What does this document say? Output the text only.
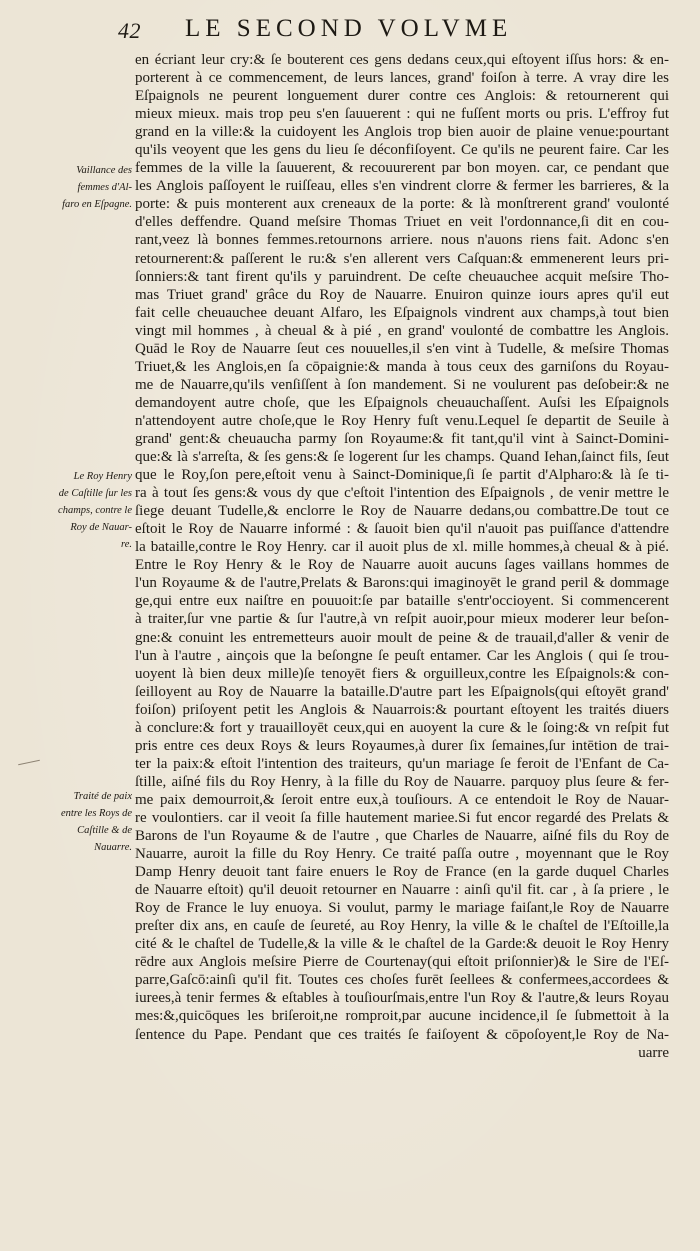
42 LE SECOND VOLVME
Vaillance des
femmes d'Al-
faro en Eſpagne.
Le Roy Henry
de Caſtille ſur les
champs, contre le
Roy de Nauar-
re.
Traité de paix
entre les Roys de
Caſtille & de
Nauarre.
en écriant leur cry:& ſe bouterent ces gens dedans ceux,qui eſtoyent iſſus hors: & en-
porterent à ce commencement, de leurs lances, grand' foiſon à terre. A vray dire les
Eſpaignols ne peurent longuement durer contre ces Anglois: & retournerent qui
mieux mieux. mais trop peu s'en ſauuerent : qui ne fuſſent morts ou pris. L'effroy fut
grand en la ville:& la cuidoyent les Anglois trop bien auoir de plaine venue:pourtant
qu'ils veoyent que les gens du lieu ſe déconfiſoyent. Ce qu'ils ne peurent faire. Car les
femmes de la ville la ſauuerent, & recouurerent par bon moyen. car, ce pendant que
les Anglois paſſoyent le ruiſſeau, elles s'en vindrent clorre & fermer les barrieres, & la
porte: & puis monterent aux creneaux de la porte: & là monſtrerent grand' voulonté
d'elles deffendre. Quand meſsire Thomas Triuet en veit l'ordonnance,ſi dit en cou-
rant,veez là bonnes femmes.retournons arriere. nous n'auons riens fait. Adonc s'en
retournerent:& paſſerent le ru:& s'en allerent vers Caſquan:& emmenerent leurs pri-
ſonniers:& tant firent qu'ils y paruindrent. De ceſte cheuauchee acquit meſsire Tho-
mas Triuet grand' grâce du Roy de Nauarre. Enuiron quinze iours apres qu'il eut
fait celle cheuauchee deuant Alfaro, les Eſpaignols vindrent aux champs,à tout bien
vingt mil hommes , à cheual & à pié , en grand' voulonté de combattre les Anglois.
Quād le Roy de Nauarre ſeut ces nouuelles,il s'en vint à Tudelle, & meſsire Thomas
Triuet,& les Anglois,en ſa cōpaignie:& manda à tous ceux des garniſons du Royau-
me de Nauarre,qu'ils venſiſſent à ſon mandement. Si ne voulurent pas deſobeir:& ne
demandoyent autre choſe, que les Eſpaignols cheuauchaſſent. Auſsi les Eſpaignols
n'attendoyent autre choſe,que le Roy Henry fuſt venu.Lequel ſe departit de Seuile à
grand' gent:& cheuaucha parmy ſon Royaume:& fit tant,qu'il vint à Sainct-Domini-
que:& là s'arreſta, & ſes gens:& ſe logerent ſur les champs. Quand Iehan,ſainct fils, ſeut
que le Roy,ſon pere,eſtoit venu à Sainct-Dominique,ſi ſe partit d'Alpharo:& là ſe ti-
ra à tout ſes gens:& vous dy que c'eſtoit l'intention des Eſpaignols , de venir mettre le
ſiege deuant Tudelle,& enclorre le Roy de Nauarre dedans,ou combattre.De tout ce
eſtoit le Roy de Nauarre informé : & ſauoit bien qu'il n'auoit pas puiſſance d'attendre
la bataille,contre le Roy Henry. car il auoit plus de xl. mille hommes,à cheual & à pié.
Entre le Roy Henry & le Roy de Nauarre auoit aucuns ſages vaillans hommes de
l'un Royaume & de l'autre,Prelats & Barons:qui imaginoyēt le grand peril & dommage
ge,qui entre eux naiſtre en pouuoit:ſe par bataille s'entr'occioyent. Si commencerent
à traiter,ſur vne partie & ſur l'autre,à vn reſpit auoir,pour mieux moderer leur beſon-
gne:& conuint les entremetteurs auoir moult de peine & de trauail,d'aller & venir de
l'un à l'autre , ainçois que la beſongne ſe peuſt entamer. Car les Anglois ( qui ſe trou-
uoyent là bien deux mille)ſe tenoyēt fiers & orguilleux,contre les Eſpaignols:& con-
ſeilloyent au Roy de Nauarre la bataille.D'autre part les Eſpaignols(qui eſtoyēt grand'
foiſon) priſoyent petit les Anglois & Nauarrois:& pourtant eſtoyent les traités diuers
à conclure:& fort y trauailloyēt ceux,qui en auoyent la cure & le ſoing:& vn reſpit fut
pris entre ces deux Roys & leurs Royaumes,à durer ſix ſemaines,ſur intētion de trai-
ter la paix:& eſtoit l'intention des traiteurs, qu'un mariage ſe feroit de l'Enfant de Ca-
ſtille, aiſné fils du Roy Henry, à la fille du Roy de Nauarre. parquoy plus ſeure & fer-
me paix demourroit,& ſeroit entre eux,à touſiours. A ce entendoit le Roy de Nauar-
re voulontiers. car il veoit ſa fille hautement mariee.Si fut encor regardé des Prelats &
Barons de l'un Royaume & de l'autre , que Charles de Nauarre, aiſné fils du Roy de
Nauarre, auroit la fille du Roy Henry. Ce traité paſſa outre , moyennant que le Roy
Damp Henry deuoit tant faire enuers le Roy de France (en la garde duquel Charles
de Nauarre eſtoit) qu'il deuoit retourner en Nauarre : ainſi qu'il fit. car , à ſa priere , le
Roy de France le luy enuoya. Si voulut, parmy le mariage faiſant,le Roy de Nauarre
preſter dix ans, en cauſe de ſeureté, au Roy Henry, la ville & le chaſtel de l'Eſtoille,la
cité & le chaſtel de Tudelle,& la ville & le chaſtel de la Garde:& deuoit le Roy Henry
rēdre aux Anglois meſsire Pierre de Courtenay(qui eſtoit priſonnier)& le Sire de l'Eſ-
parre,Gaſcō:ainſi qu'il fit. Toutes ces choſes furēt ſeellees & confermees,accordees &
iurees,à tenir fermes & eſtables à touſiourſmais,entre l'un Roy & l'autre,& leurs Royau
mes:&,quicōques les briſeroit,ne romproit,par aucune incidence,il ſe ſubmettoit à la
ſentence du Pape. Pendant que ces traités ſe faiſoyent & cōpoſoyent,le Roy de Na-
uarre
